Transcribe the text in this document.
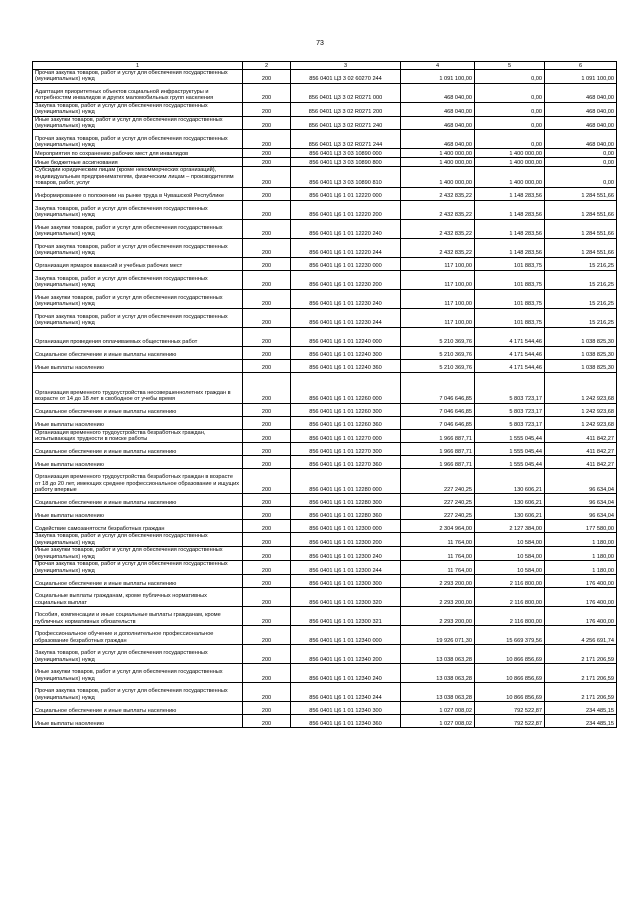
73
1	2	3	4	5	6
Прочая закупка товаров, работ и услуг для обеспечения государственных (муниципальных) нужд	200	856 0401 Ц3 3 02 60270 244	1 091 100,00	0,00	1 091 100,00
Адаптация приоритетных объектов социальной инфраструктуры и потребностям инвалидов и других маломобильных групп населения	200	856 0401 Ц3 3 02 R0271 000	468 040,00	0,00	468 040,00
Закупка товаров, работ и услуг для обеспечения государственных (муниципальных) нужд	200	856 0401 Ц3 3 02 R0271 200	468 040,00	0,00	468 040,00
Иные закупки товаров, работ и услуг для обеспечения государственных (муниципальных) нужд	200	856 0401 Ц3 3 02 R0271 240	468 040,00	0,00	468 040,00
Прочая закупка товаров, работ и услуг для обеспечения государственных (муниципальных) нужд	200	856 0401 Ц3 3 02 R0271 244	468 040,00	0,00	468 040,00
Мероприятия по сохранению рабочих мест для инвалидов	200	856 0401 Ц3 3 03 10890 000	1 400 000,00	1 400 000,00	0,00
Иные бюджетные ассигнования	200	856 0401 Ц3 3 03 10890 800	1 400 000,00	1 400 000,00	0,00
Субсидии юридическим лицам (кроме некоммерческих организаций), индивидуальным предпринимателям, физическим лицам – производителям товаров, работ, услуг	200	856 0401 Ц3 3 03 10890 810	1 400 000,00	1 400 000,00	0,00
Информирование о положении на рынке труда в Чувашской Республике	200	856 0401 Ц6 1 01 12220 000	2 432 835,22	1 148 283,56	1 284 551,66
Закупка товаров, работ и услуг для обеспечения государственных (муниципальных) нужд	200	856 0401 Ц6 1 01 12220 200	2 432 835,22	1 148 283,56	1 284 551,66
Иные закупки товаров, работ и услуг для обеспечения государственных (муниципальных) нужд	200	856 0401 Ц6 1 01 12220 240	2 432 835,22	1 148 283,56	1 284 551,66
Прочая закупка товаров, работ и услуг для обеспечения государственных (муниципальных) нужд	200	856 0401 Ц6 1 01 12220 244	2 432 835,22	1 148 283,56	1 284 551,66
Организация ярмарок вакансий и учебных рабочих мест	200	856 0401 Ц6 1 01 12230 000	117 100,00	101 883,75	15 216,25
Закупка товаров, работ и услуг для обеспечения государственных (муниципальных) нужд	200	856 0401 Ц6 1 01 12230 200	117 100,00	101 883,75	15 216,25
Иные закупки товаров, работ и услуг для обеспечения государственных (муниципальных) нужд	200	856 0401 Ц6 1 01 12230 240	117 100,00	101 883,75	15 216,25
Прочая закупка товаров, работ и услуг для обеспечения государственных (муниципальных) нужд	200	856 0401 Ц6 1 01 12230 244	117 100,00	101 883,75	15 216,25
Организация проведения оплачиваемых общественных работ	200	856 0401 Ц6 1 01 12240 000	5 210 369,76	4 171 544,46	1 038 825,30
Социальное обеспечение и иные выплаты населению	200	856 0401 Ц6 1 01 12240 300	5 210 369,76	4 171 544,46	1 038 825,30
Иные выплаты населению	200	856 0401 Ц6 1 01 12240 360	5 210 369,76	4 171 544,46	1 038 825,30
Организация временного трудоустройства несовершеннолетних граждан в возрасте от 14 до 18 лет в свободное от учебы время	200	856 0401 Ц6 1 01 12260 000	7 046 646,85	5 803 723,17	1 242 923,68
Социальное обеспечение и иные выплаты населению	200	856 0401 Ц6 1 01 12260 300	7 046 646,85	5 803 723,17	1 242 923,68
Иные выплаты населению	200	856 0401 Ц6 1 01 12260 360	7 046 646,85	5 803 723,17	1 242 923,68
Организация временного трудоустройства безработных граждан, испытывающих трудности в поиске работы	200	856 0401 Ц6 1 01 12270 000	1 966 887,71	1 555 045,44	411 842,27
Социальное обеспечение и иные выплаты населению	200	856 0401 Ц6 1 01 12270 300	1 966 887,71	1 555 045,44	411 842,27
Иные выплаты населению	200	856 0401 Ц6 1 01 12270 360	1 966 887,71	1 555 045,44	411 842,27
Организация временного трудоустройства безработных граждан в возрасте от 18 до 20 лет, имеющих среднее профессиональное образование и ищущих работу впервые	200	856 0401 Ц6 1 01 12280 000	227 240,25	130 606,21	96 634,04
Социальное обеспечение и иные выплаты населению	200	856 0401 Ц6 1 01 12280 300	227 240,25	130 606,21	96 634,04
Иные выплаты населению	200	856 0401 Ц6 1 01 12280 360	227 240,25	130 606,21	96 634,04
Содействие самозанятости безработных граждан	200	856 0401 Ц6 1 01 12300 000	2 304 964,00	2 127 384,00	177 580,00
Закупка товаров, работ и услуг для обеспечения государственных (муниципальных) нужд	200	856 0401 Ц6 1 01 12300 200	11 764,00	10 584,00	1 180,00
Иные закупки товаров, работ и услуг для обеспечения государственных (муниципальных) нужд	200	856 0401 Ц6 1 01 12300 240	11 764,00	10 584,00	1 180,00
Прочая закупка товаров, работ и услуг для обеспечения государственных (муниципальных) нужд	200	856 0401 Ц6 1 01 12300 244	11 764,00	10 584,00	1 180,00
Социальное обеспечение и иные выплаты населению	200	856 0401 Ц6 1 01 12300 300	2 293 200,00	2 116 800,00	176 400,00
Социальные выплаты гражданам, кроме публичных нормативных социальных выплат	200	856 0401 Ц6 1 01 12300 320	2 293 200,00	2 116 800,00	176 400,00
Пособия, компенсации и иные социальные выплаты гражданам, кроме публичных нормативных обязательств	200	856 0401 Ц6 1 01 12300 321	2 293 200,00	2 116 800,00	176 400,00
Профессиональное обучение и дополнительное профессиональное образование безработных граждан	200	856 0401 Ц6 1 01 12340 000	19 926 071,30	15 669 379,56	4 256 691,74
Закупка товаров, работ и услуг для обеспечения государственных (муниципальных) нужд	200	856 0401 Ц6 1 01 12340 200	13 038 063,28	10 866 856,69	2 171 206,59
Иные закупки товаров, работ и услуг для обеспечения государственных (муниципальных) нужд	200	856 0401 Ц6 1 01 12340 240	13 038 063,28	10 866 856,69	2 171 206,59
Прочая закупка товаров, работ и услуг для обеспечения государственных (муниципальных) нужд	200	856 0401 Ц6 1 01 12340 244	13 038 063,28	10 866 856,69	2 171 206,59
Социальное обеспечение и иные выплаты населению	200	856 0401 Ц6 1 01 12340 300	1 027 008,02	792 522,87	234 485,15
Иные выплаты населению	200	856 0401 Ц6 1 01 12340 360	1 027 008,02	792 522,87	234 485,15
